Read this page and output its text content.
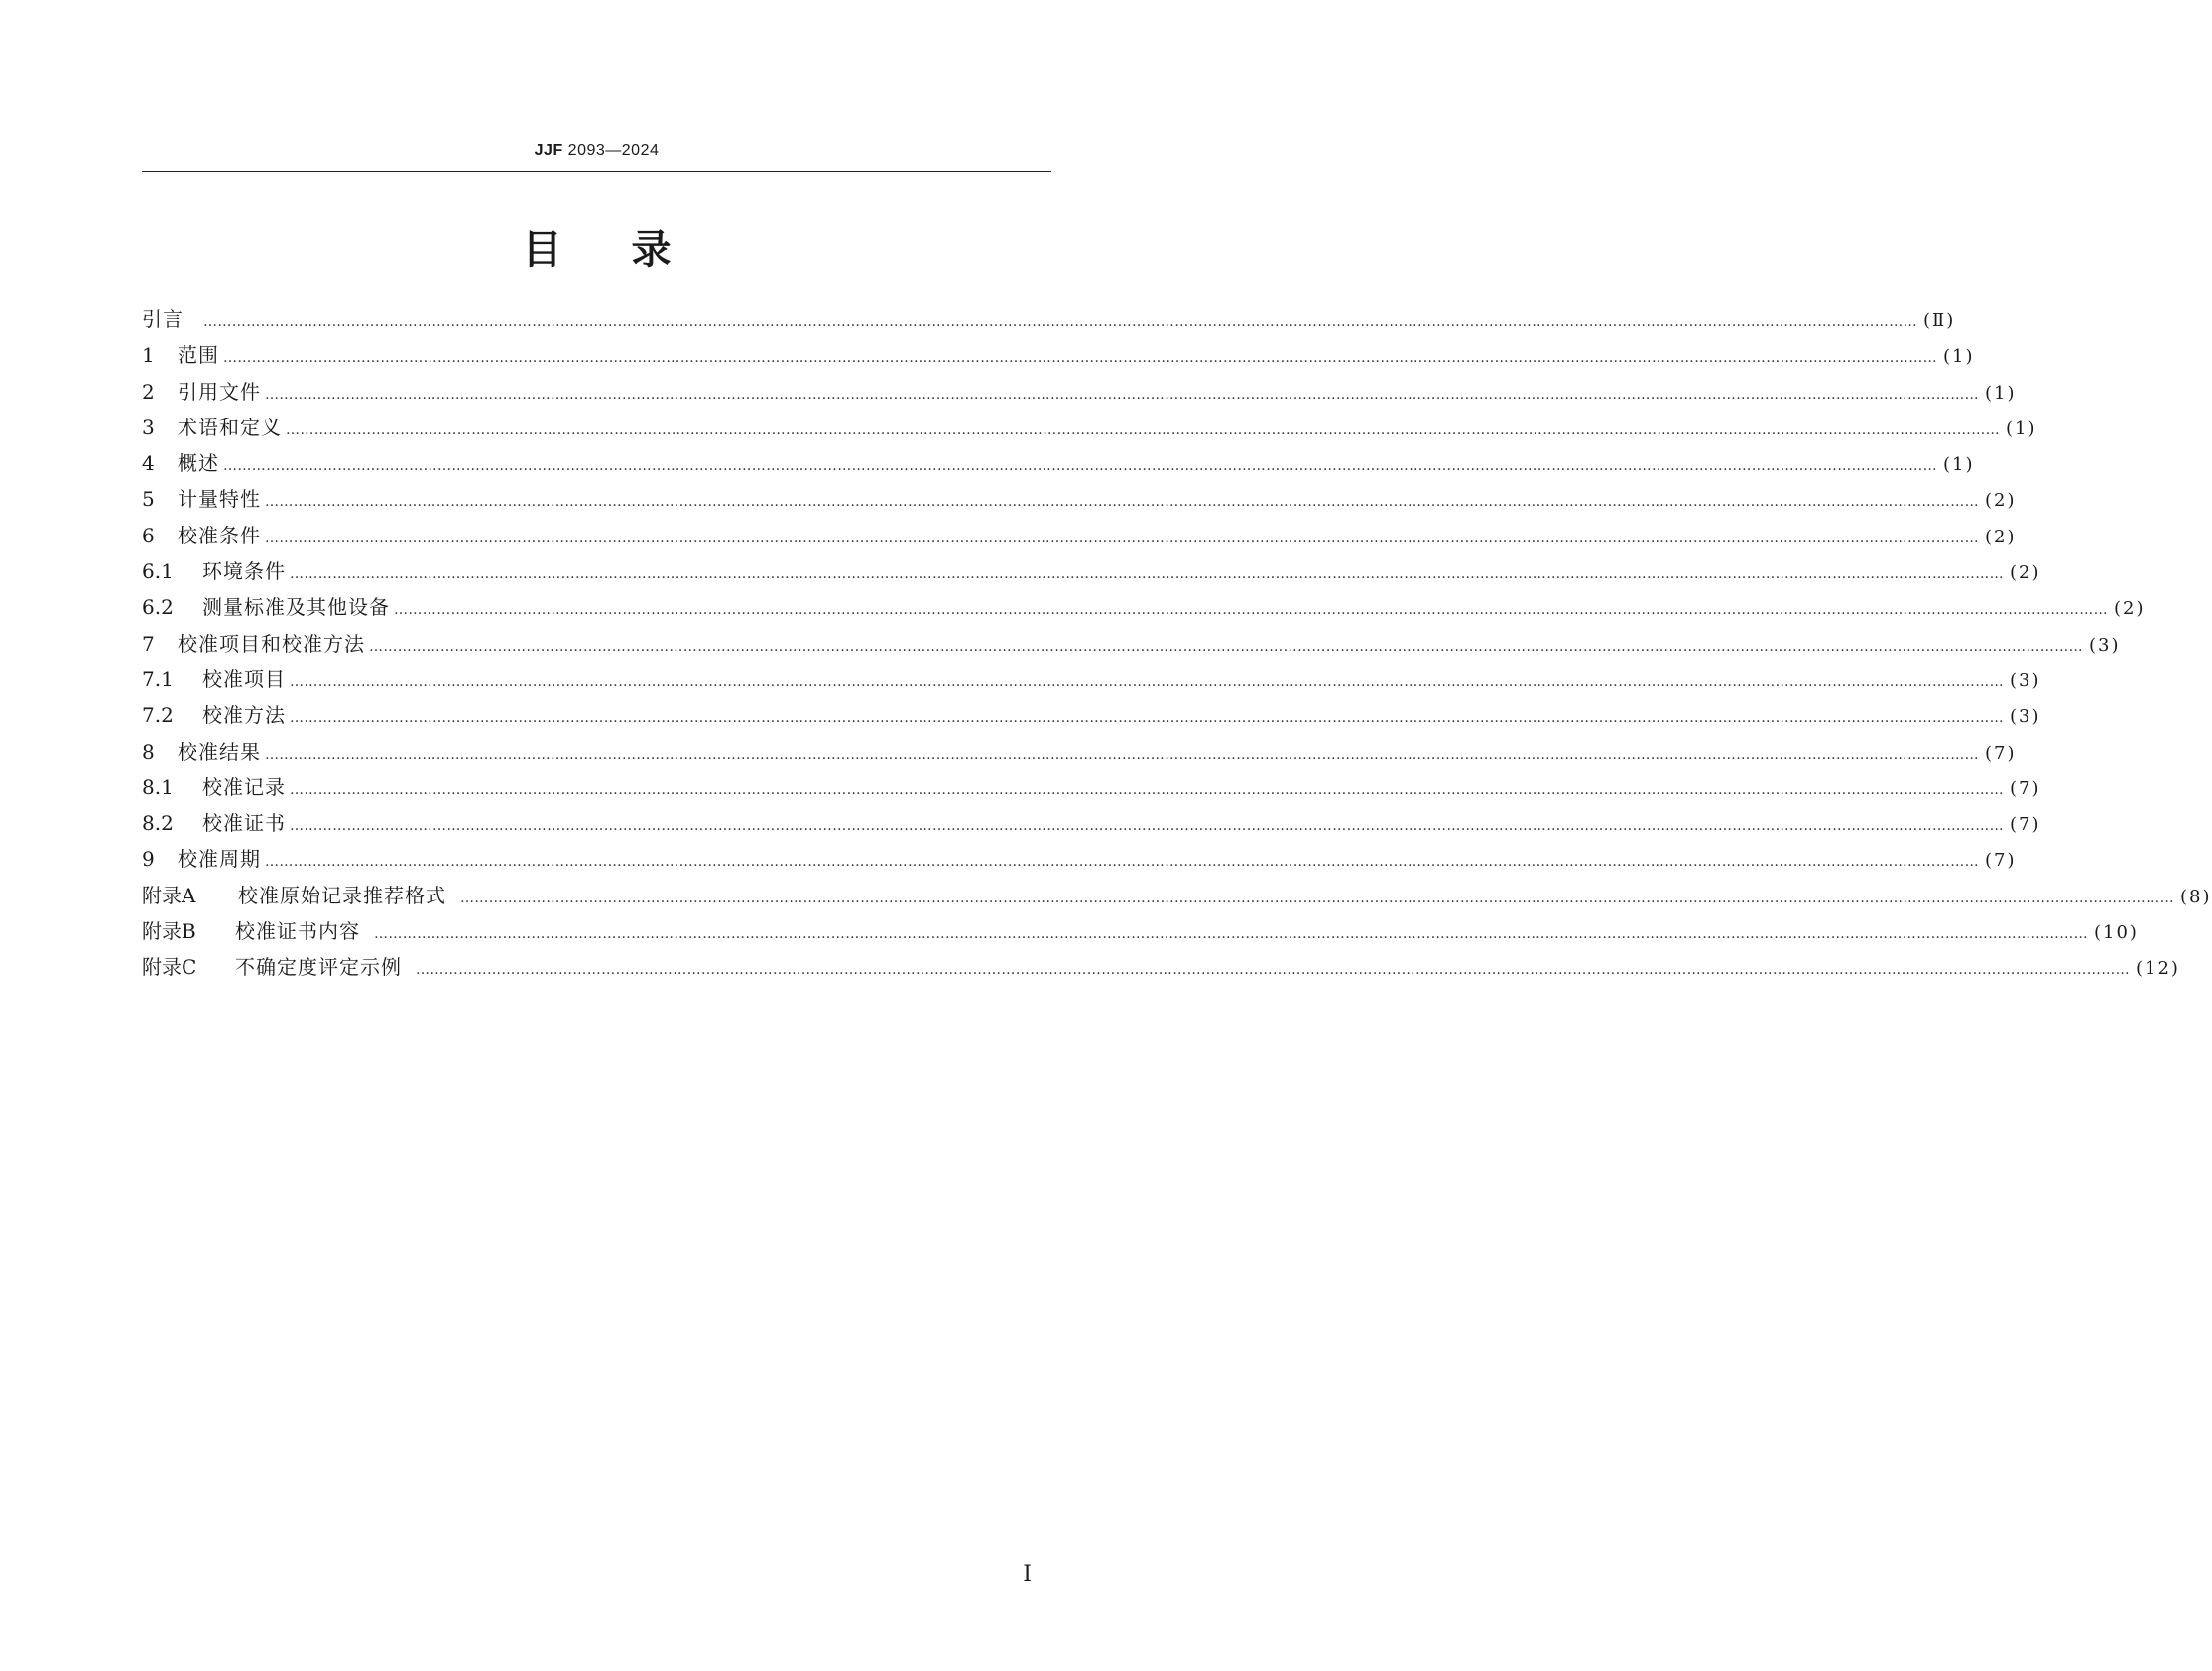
JJF 2093—2024
目录
引言 ……………………………………………………………………………………………………………………………………………………………………………………………………………………………………………………………………………………………………………………………… (Ⅱ)
1	范围 ……………………………………………………………………………………………………………………………………………………………………………………………………………………………………………………………………………………………………………………………… (1)
2	引用文件 ……………………………………………………………………………………………………………………………………………………………………………………………………………………………………………………………………………………………………………………………… (1)
3	术语和定义 ……………………………………………………………………………………………………………………………………………………………………………………………………………………………………………………………………………………………………………………………… (1)
4	概述 ……………………………………………………………………………………………………………………………………………………………………………………………………………………………………………………………………………………………………………………………… (1)
5	计量特性 ……………………………………………………………………………………………………………………………………………………………………………………………………………………………………………………………………………………………………………………………… (2)
6	校准条件 ……………………………………………………………………………………………………………………………………………………………………………………………………………………………………………………………………………………………………………………………… (2)
6.1	环境条件 ……………………………………………………………………………………………………………………………………………………………………………………………………………………………………………………………………………………………………………………………… (2)
6.2	测量标准及其他设备 ……………………………………………………………………………………………………………………………………………………………………………………………………………………………………………………………………………………………………………………………… (2)
7	校准项目和校准方法 ……………………………………………………………………………………………………………………………………………………………………………………………………………………………………………………………………………………………………………………………… (3)
7.1	校准项目 ……………………………………………………………………………………………………………………………………………………………………………………………………………………………………………………………………………………………………………………………… (3)
7.2	校准方法 ……………………………………………………………………………………………………………………………………………………………………………………………………………………………………………………………………………………………………………………………… (3)
8	校准结果 ……………………………………………………………………………………………………………………………………………………………………………………………………………………………………………………………………………………………………………………………… (7)
8.1	校准记录 ……………………………………………………………………………………………………………………………………………………………………………………………………………………………………………………………………………………………………………………………… (7)
8.2	校准证书 ……………………………………………………………………………………………………………………………………………………………………………………………………………………………………………………………………………………………………………………………… (7)
9	校准周期 ……………………………………………………………………………………………………………………………………………………………………………………………………………………………………………………………………………………………………………………………… (7)
附录A	校准原始记录推荐格式 ……………………………………………………………………………………………………………………………………………………………………………………………………………………………………………………………………………………………………………………………… (8)
附录B	校准证书内容 ……………………………………………………………………………………………………………………………………………………………………………………………………………………………………………………………………………………………………………………………… (10)
附录C	不确定度评定示例 ……………………………………………………………………………………………………………………………………………………………………………………………………………………………………………………………………………………………………………………………… (12)
I
